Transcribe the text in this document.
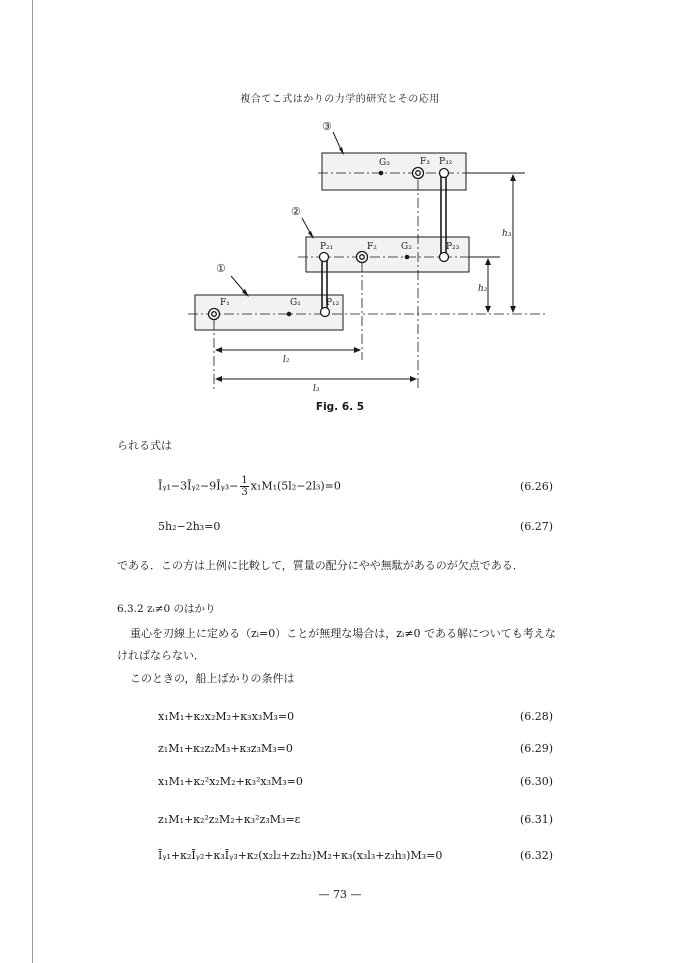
複合てこ式はかりの力学的研究とその応用
①
②
③
F₁	G₁	P₁₂
P₂₁	F₂	G₂	P₂₃
G₃	F₃ P₃₂
l₂
l₃
h₂
h₃
Fig. 6. 5
られる式は
Īᵧ₁−3Īᵧ₂−9Īᵧ₃− $\frac{1}{3} x_1M_1(5l_2-2l_3)=0$	(6.26)
5h₂−2h₃=0	(6.27)
である．この方は上例に比較して，質量の配分にやや無駄があるのが欠点である．
6.3.2 zᵢ≠0 のはかり
重心を刃線上に定める（zᵢ=0）ことが無理な場合は，zᵢ≠0 である解についても考えな
ければならない．
このときの，船上ばかりの条件は
x₁M₁+κ₂x₂M₂+κ₃x₃M₃=0	(6.28)
z₁M₁+κ₂z₂M₃+κ₃z₃M₃=0	(6.29)
x₁M₁+κ₂²x₂M₂+κ₃²x₃M₃=0	(6.30)
z₁M₁+κ₂²z₂M₂+κ₃²z₃M₃=ε	(6.31)
Īᵧ₁+κ₂Īᵧ₂+κ₃Īᵧ₃+κ₂(x₂l₂+z₂h₂)M₂+κ₃(x₃l₃+z₃h₃)M₃=0	(6.32)
— 73 —
